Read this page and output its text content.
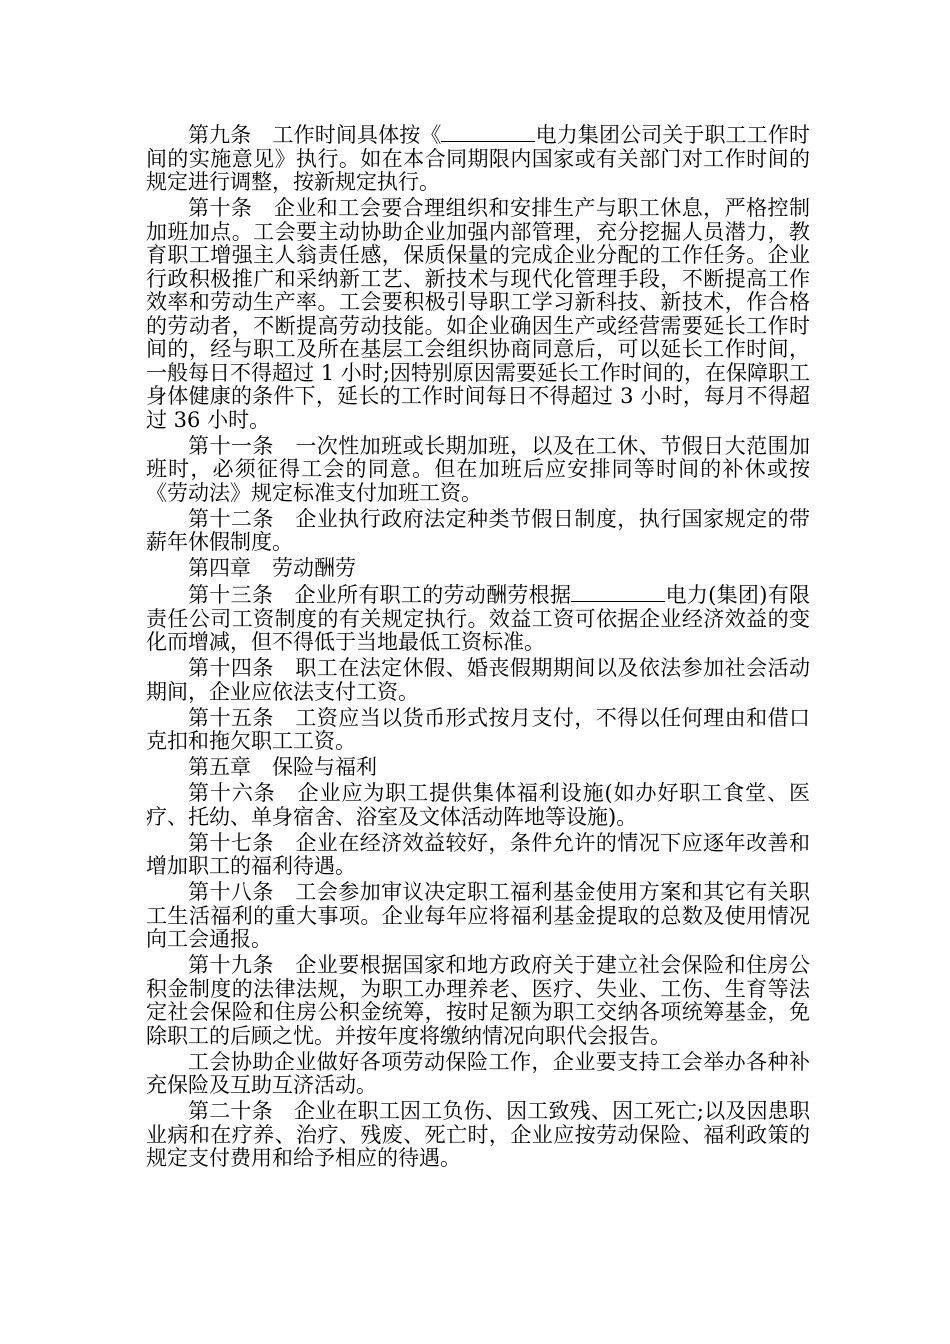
第九条 工作时间具体按《	电力集团公司关于职工工作时间的实施意见》执行。如在本合同期限内国家或有关部门对工作时间的规定进行调整，按新规定执行。

第十条 企业和工会要合理组织和安排生产与职工休息，严格控制加班加点。工会要主动协助企业加强内部管理，充分挖掘人员潜力，教育职工增强主人翁责任感，保质保量的完成企业分配的工作任务。企业行政积极推广和采纳新工艺、新技术与现代化管理手段，不断提高工作效率和劳动生产率。工会要积极引导职工学习新科技、新技术，作合格的劳动者，不断提高劳动技能。如企业确因生产或经营需要延长工作时间的，经与职工及所在基层工会组织协商同意后，可以延长工作时间，一般每日不得超过 1 小时;因特别原因需要延长工作时间的，在保障职工身体健康的条件下，延长的工作时间每日不得超过 3 小时，每月不得超过 36 小时。

第十一条 一次性加班或长期加班，以及在工休、节假日大范围加班时，必须征得工会的同意。但在加班后应安排同等时间的补休或按《劳动法》规定标准支付加班工资。

第十二条 企业执行政府法定种类节假日制度，执行国家规定的带薪年休假制度。

第四章 劳动酬劳

第十三条 企业所有职工的劳动酬劳根据	电力(集团)有限责任公司工资制度的有关规定执行。效益工资可依据企业经济效益的变化而增减，但不得低于当地最低工资标准。

第十四条 职工在法定休假、婚丧假期期间以及依法参加社会活动期间，企业应依法支付工资。

第十五条 工资应当以货币形式按月支付，不得以任何理由和借口克扣和拖欠职工工资。

第五章 保险与福利

第十六条 企业应为职工提供集体福利设施(如办好职工食堂、医疗、托幼、单身宿舍、浴室及文体活动阵地等设施)。

第十七条 企业在经济效益较好，条件允许的情况下应逐年改善和增加职工的福利待遇。

第十八条 工会参加审议决定职工福利基金使用方案和其它有关职工生活福利的重大事项。企业每年应将福利基金提取的总数及使用情况向工会通报。

第十九条 企业要根据国家和地方政府关于建立社会保险和住房公积金制度的法律法规，为职工办理养老、医疗、失业、工伤、生育等法定社会保险和住房公积金统筹，按时足额为职工交纳各项统筹基金，免除职工的后顾之忧。并按年度将缴纳情况向职代会报告。

工会协助企业做好各项劳动保险工作，企业要支持工会举办各种补充保险及互助互济活动。

第二十条 企业在职工因工负伤、因工致残、因工死亡;以及因患职业病和在疗养、治疗、残废、死亡时，企业应按劳动保险、福利政策的规定支付费用和给予相应的待遇。
